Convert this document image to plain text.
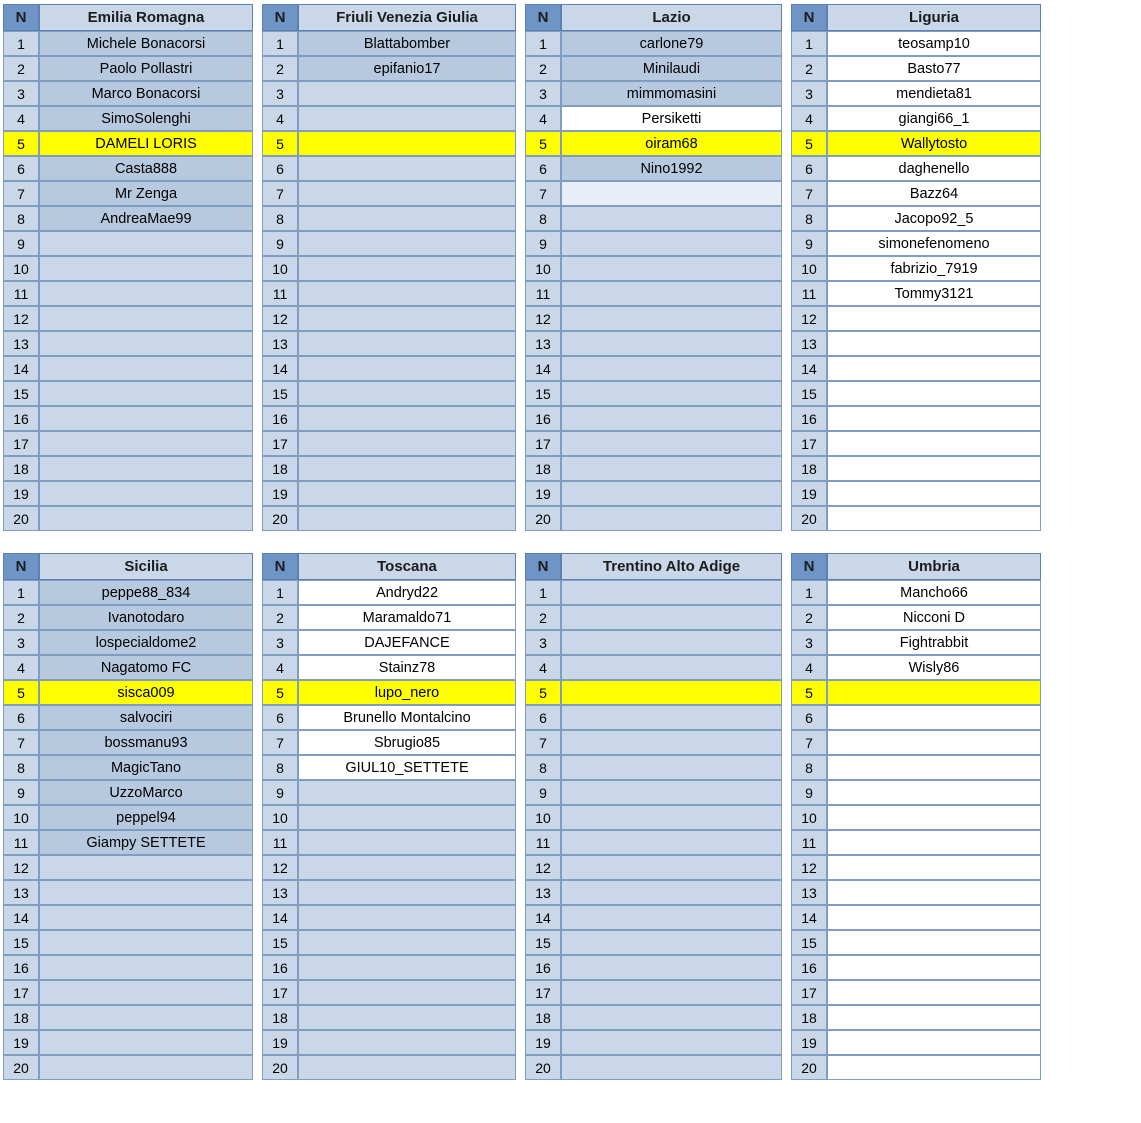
N	Emilia Romagna
1	Michele Bonacorsi
2	Paolo Pollastri
3	Marco Bonacorsi
4	SimoSolenghi
5	DAMELI LORIS
6	Casta888
7	Mr Zenga
8	AndreaMae99
9	
10	
11	
12	
13	
14	
15	
16	
17	
18	
19	
20	
N	Friuli Venezia Giulia
1	Blattabomber
2	epifanio17
3	
4	
5	
6	
7	
8	
9	
10	
11	
12	
13	
14	
15	
16	
17	
18	
19	
20	
N	Lazio
1	carlone79
2	Minilaudi
3	mimmomasini
4	Persiketti
5	oiram68
6	Nino1992
7	
8	
9	
10	
11	
12	
13	
14	
15	
16	
17	
18	
19	
20	
N	Liguria
1	teosamp10
2	Basto77
3	mendieta81
4	giangi66_1
5	Wallytosto
6	daghenello
7	Bazz64
8	Jacopo92_5
9	simonefenomeno
10	fabrizio_7919
11	Tommy3121
12	
13	
14	
15	
16	
17	
18	
19	
20	
N	Sicilia
1	peppe88_834
2	Ivanotodaro
3	lospecialdome2
4	Nagatomo FC
5	sisca009
6	salvociri
7	bossmanu93
8	MagicTano
9	UzzoMarco
10	peppel94
11	Giampy SETTETE
12	
13	
14	
15	
16	
17	
18	
19	
20	
N	Toscana
1	Andryd22
2	Maramaldo71
3	DAJEFANCE
4	Stainz78
5	lupo_nero
6	Brunello Montalcino
7	Sbrugio85
8	GIUL10_SETTETE
9	
10	
11	
12	
13	
14	
15	
16	
17	
18	
19	
20	
N	Trentino Alto Adige
1	
2	
3	
4	
5	
6	
7	
8	
9	
10	
11	
12	
13	
14	
15	
16	
17	
18	
19	
20	
N	Umbria
1	Mancho66
2	Nicconi D
3	Fightrabbit
4	Wisly86
5	
6	
7	
8	
9	
10	
11	
12	
13	
14	
15	
16	
17	
18	
19	
20	
